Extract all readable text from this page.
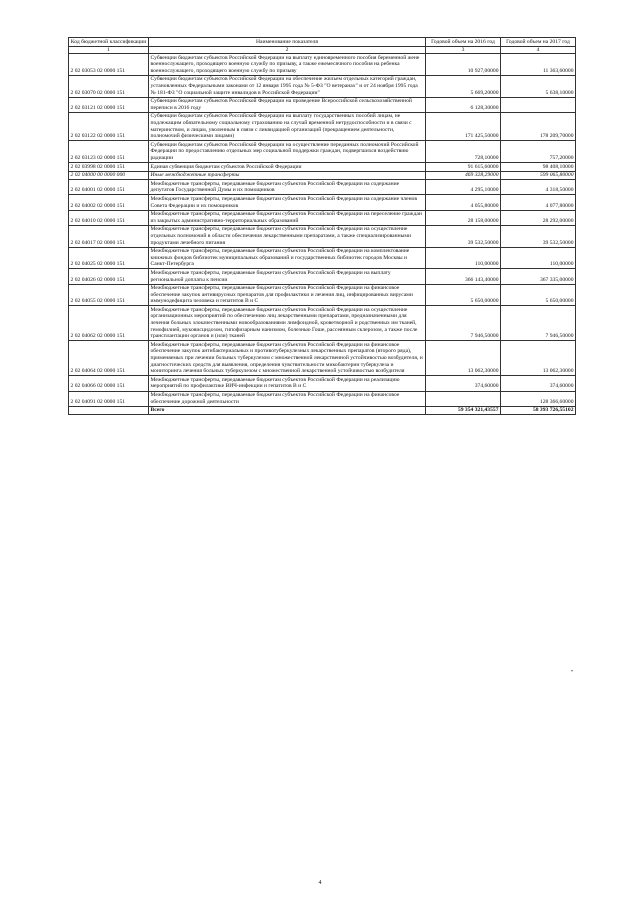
Код бюджетной классификации	Наименование показателя	Годовой объем на 2016 год	Годовой объем на 2017 год
1	2	3	4
2 02 03053 02 0000 151	Субвенции бюджетам субъектов Российской Федерации на выплату единовременного пособия беременной жене военнослужащего, проходящего военную службу по призыву, а также ежемесячного пособия на ребенка военнослужащего, проходящего военную службу по призыву	10 927,00000	11 363,60000
2 02 03070 02 0000 151	Субвенции бюджетам субъектов Российской Федерации на обеспечение жильем отдельных категорий граждан, установленных Федеральными законами от 12 января 1995 года № 5-ФЗ "О ветеранах" и от 24 ноября 1995 года № 181-ФЗ "О социальной защите инвалидов в Российской Федерации"	5 669,20000	5 638,10000
2 02 03121 02 0000 151	Субвенции бюджетам субъектов Российской Федерации на проведение Всероссийской сельскохозяйственной переписи в 2016 году	6 128,30000	
2 02 03122 02 0000 151	Субвенции бюджетам субъектов Российской Федерации на выплату государственных пособий лицам, не подлежащим обязательному социальному страхованию на случай временной нетрудоспособности и в связи с материнством, и лицам, уволенным в связи с ликвидацией организаций (прекращением деятельности, полномочий физическими лицами)	171 425,50000	178 209,70000
2 02 03123 02 0000 151	Субвенции бюджетам субъектов Российской Федерации на осуществление переданных полномочий Российской Федерации по предоставлению отдельных мер социальной поддержки граждан, подвергшихся воздействию радиации	728,10000	757,20000
2 02 03998 02 0000 151	Единая субвенция бюджетам субъектов Российской Федерации	91 615,60000	98 408,10000
2 02 04000 00 0000 000	Иные межбюджетные трансферты	469 328,29000	599 065,80000
2 02 04001 02 0000 151	Межбюджетные трансферты, передаваемые бюджетам субъектов Российской Федерации на содержание депутатов Государственной Думы и их помощников	4 295,10000	4 318,50000
2 02 04002 02 0000 151	Межбюджетные трансферты, передаваемые бюджетам субъектов Российской Федерации на содержание членов Совета Федерации и их помощников	4 055,80000	4 077,80000
2 02 04010 02 0000 151	Межбюджетные трансферты, передаваемые бюджетам субъектов Российской Федерации на переселение граждан из закрытых административно-территориальных образований	28 158,00000	28 292,00000
2 02 04017 02 0000 151	Межбюджетные трансферты, передаваемые бюджетам субъектов Российской Федерации на осуществление отдельных полномочий в области обеспечения лекарственными препаратами, а также специализированными продуктами лечебного питания	39 532,50000	39 532,50000
2 02 04025 02 0000 151	Межбюджетные трансферты, передаваемые бюджетам субъектов Российской Федерации на комплектование книжных фондов библиотек муниципальных образований и государственных библиотек городов Москвы и Санкт-Петербурга	110,00000	110,00000
2 02 04026 02 0000 151	Межбюджетные трансферты, передаваемые бюджетам субъектов Российской Федерации на выплату региональной доплаты к пенсии	366 143,40000	367 335,00000
2 02 04055 02 0000 151	Межбюджетные трансферты, передаваемые бюджетам субъектов Российской Федерации на финансовое обеспечение закупок антивирусных препаратов для профилактики и лечения лиц, инфицированных вирусами иммунодефицита человека и гепатитов В и С	5 650,00000	5 650,00000
2 02 04062 02 0000 151	Межбюджетные трансферты, передаваемые бюджетам субъектов Российской Федерации на осуществление организационных мероприятий по обеспечению лиц лекарственными препаратами, предназначенными для лечения больных злокачественными новообразованиями лимфоидной, кроветворной и родственных им тканей, гемофилией, муковисцидозом, гипофизарным нанизмом, болезнью Гоше, рассеянным склерозом, а также после трансплантации органов и (или) тканей	7 946,50000	7 946,50000
2 02 04064 02 0000 151	Межбюджетные трансферты, передаваемые бюджетам субъектов Российской Федерации на финансовое обеспечение закупок антибактериальных и противотуберкулезных лекарственных препаратов (второго ряда), применяемых при лечении больных туберкулезом с множественной лекарственной устойчивостью возбудителя, и диагностических средств для выявления, определения чувствительности микобактерии туберкулеза и мониторинга лечения больных туберкулезом с множественной лекарственной устойчивостью возбудителя	13 062,30000	13 062,30000
2 02 04066 02 0000 151	Межбюджетные трансферты, передаваемые бюджетам субъектов Российской Федерации на реализацию мероприятий по профилактике ВИЧ-инфекции и гепатитов В и С	374,60000	374,60000
2 02 04091 02 0000 151	Межбюджетные трансферты, передаваемые бюджетам субъектов Российской Федерации на финансовое обеспечение дорожной деятельности		128 366,60000
	Всего	59 354 321,43557	58 393 726,55102
"
4
